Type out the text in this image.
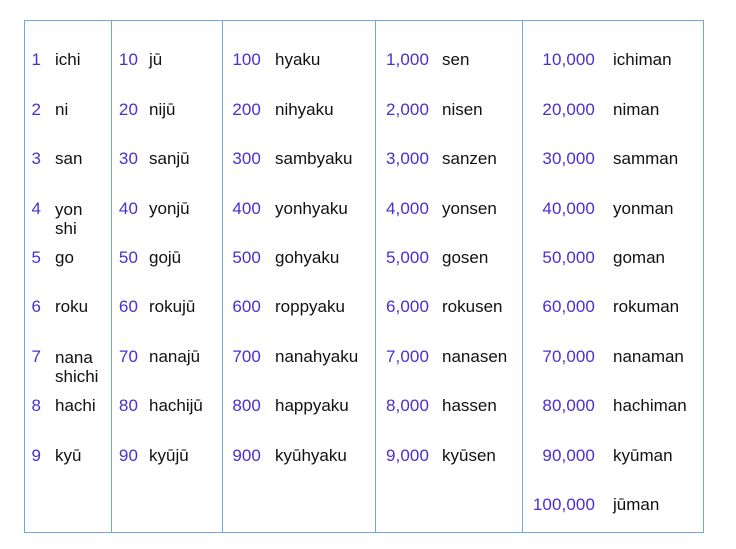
1 ichi
2 ni
3 san
4 yon
shi
5 go
6 roku
7 nana
shichi
8 hachi
9 kyū
10 jū
20 nijū
30 sanjū
40 yonjū
50 gojū
60 rokujū
70 nanajū
80 hachijū
90 kyūjū
100 hyaku
200 nihyaku
300 sambyaku
400 yonhyaku
500 gohyaku
600 roppyaku
700 nanahyaku
800 happyaku
900 kyūhyaku
1,000 sen
2,000 nisen
3,000 sanzen
4,000 yonsen
5,000 gosen
6,000 rokusen
7,000 nanasen
8,000 hassen
9,000 kyūsen
10,000 ichiman
20,000 niman
30,000 samman
40,000 yonman
50,000 goman
60,000 rokuman
70,000 nanaman
80,000 hachiman
90,000 kyūman
100,000 jūman
